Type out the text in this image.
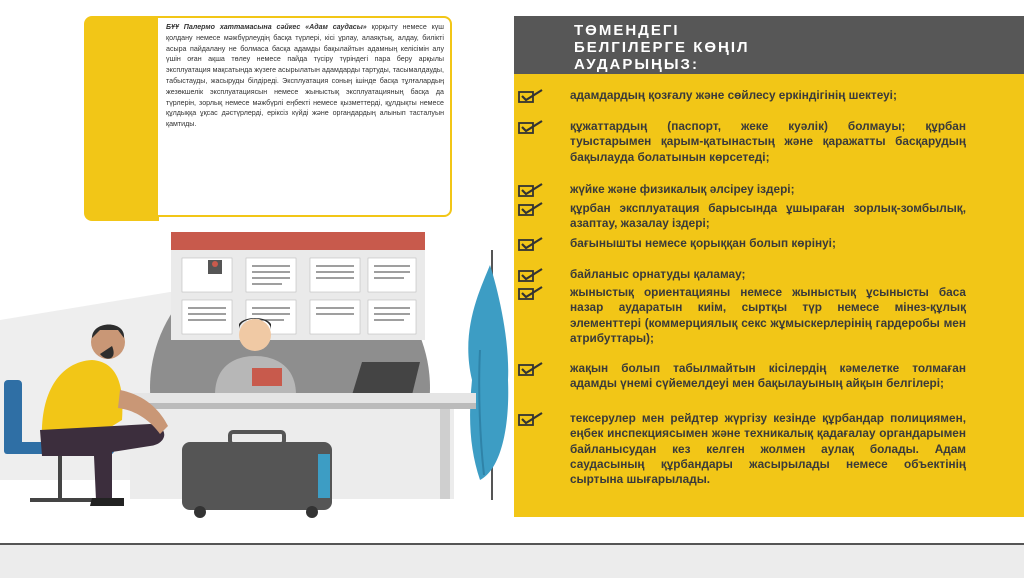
БҰҰ Палермо хаттамасына сәйкес «Адам саудасы» қорқыту немесе күш қолдану немесе мәжбүрлеудің басқа түрлері, кісі ұрлау, алаяқтық, алдау, билікті асыра пайдалану не болмаса басқа адамды бақылайтын адамның келісімін алу үшін оған ақша төлеу немесе пайда түсіру түріндегі пара беру арқылы эксплуатация мақсатында жүзеге асырылатын адамдарды тартуды, тасымалдауды, табыстауды, жасыруды білдіреді. Эксплуатация соның ішінде басқа тұлғалардың жезөкшелік эксплуатациясын немесе жыныстық эксплуатацияның басқа да түрлерін, зорлық немесе мәжбүрлі еңбекті немесе қызметтерді, құлдықты немесе құлдыққа ұқсас дәстүрлерді, еріксіз күйді және органдардың алынып тасталуын қамтиды.
ТӨМЕНДЕГІ
БЕЛГІЛЕРГЕ КӨҢІЛ
АУДАРЫҢЫЗ:
адамдардың қозғалу және сөйлесу еркіндігінің шектеуі;
құжаттардың (паспорт, жеке куәлік) болмауы; құрбан туыстарымен қарым-қатынастың және қаражатты басқарудың бақылауда болатынын көрсетеді;
жүйке және физикалық әлсіреу іздері;
құрбан эксплуатация барысында ұшыраған зорлық-зомбылық, азаптау, жазалау іздері;
бағынышты немесе қорыққан болып көрінуі;
байланыс орнатуды қаламау;
жыныстық ориентацияны немесе жыныстық ұсынысты баса назар аударатын киім, сыртқы түр немесе мінез-құлық элементтері (коммерциялық секс жұмыскерлерінің гардеробы мен атрибуттары);
жақын болып табылмайтын кісілердің кәмелетке толмаған адамды үнемі сүйемелдеуі мен бақылауының айқын белгілері;
тексерулер мен рейдтер жүргізу кезінде құрбандар полициямен, еңбек инспекциясымен және техникалық қадағалау органдарымен байланысудан кез келген жолмен аулақ болады. Адам саудасының құрбандары жасырылады немесе объектінің сыртына шығарылады.
